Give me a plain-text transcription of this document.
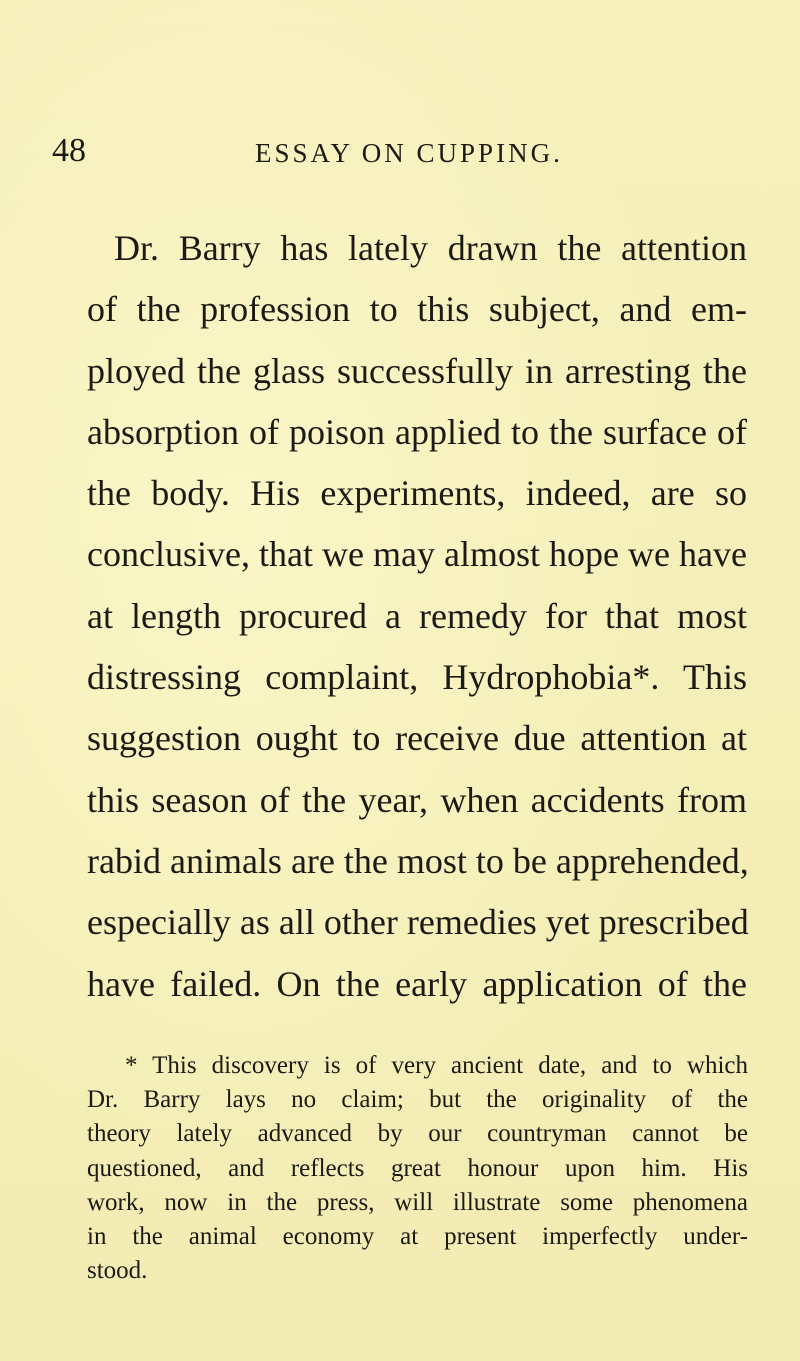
48	ESSAY ON CUPPING.
Dr. Barry has lately drawn the attention
of the profession to this subject, and em-
ployed the glass successfully in arresting the
absorption of poison applied to the surface of
the body. His experiments, indeed, are so
conclusive, that we may almost hope we have
at length procured a remedy for that most
distressing complaint, Hydrophobia*. This
suggestion ought to receive due attention at
this season of the year, when accidents from
rabid animals are the most to be apprehended,
especially as all other remedies yet prescribed
have failed. On the early application of the
* This discovery is of very ancient date, and to which
Dr. Barry lays no claim; but the originality of the
theory lately advanced by our countryman cannot be
questioned, and reflects great honour upon him. His
work, now in the press, will illustrate some phenomena
in the animal economy at present imperfectly under-
stood.
